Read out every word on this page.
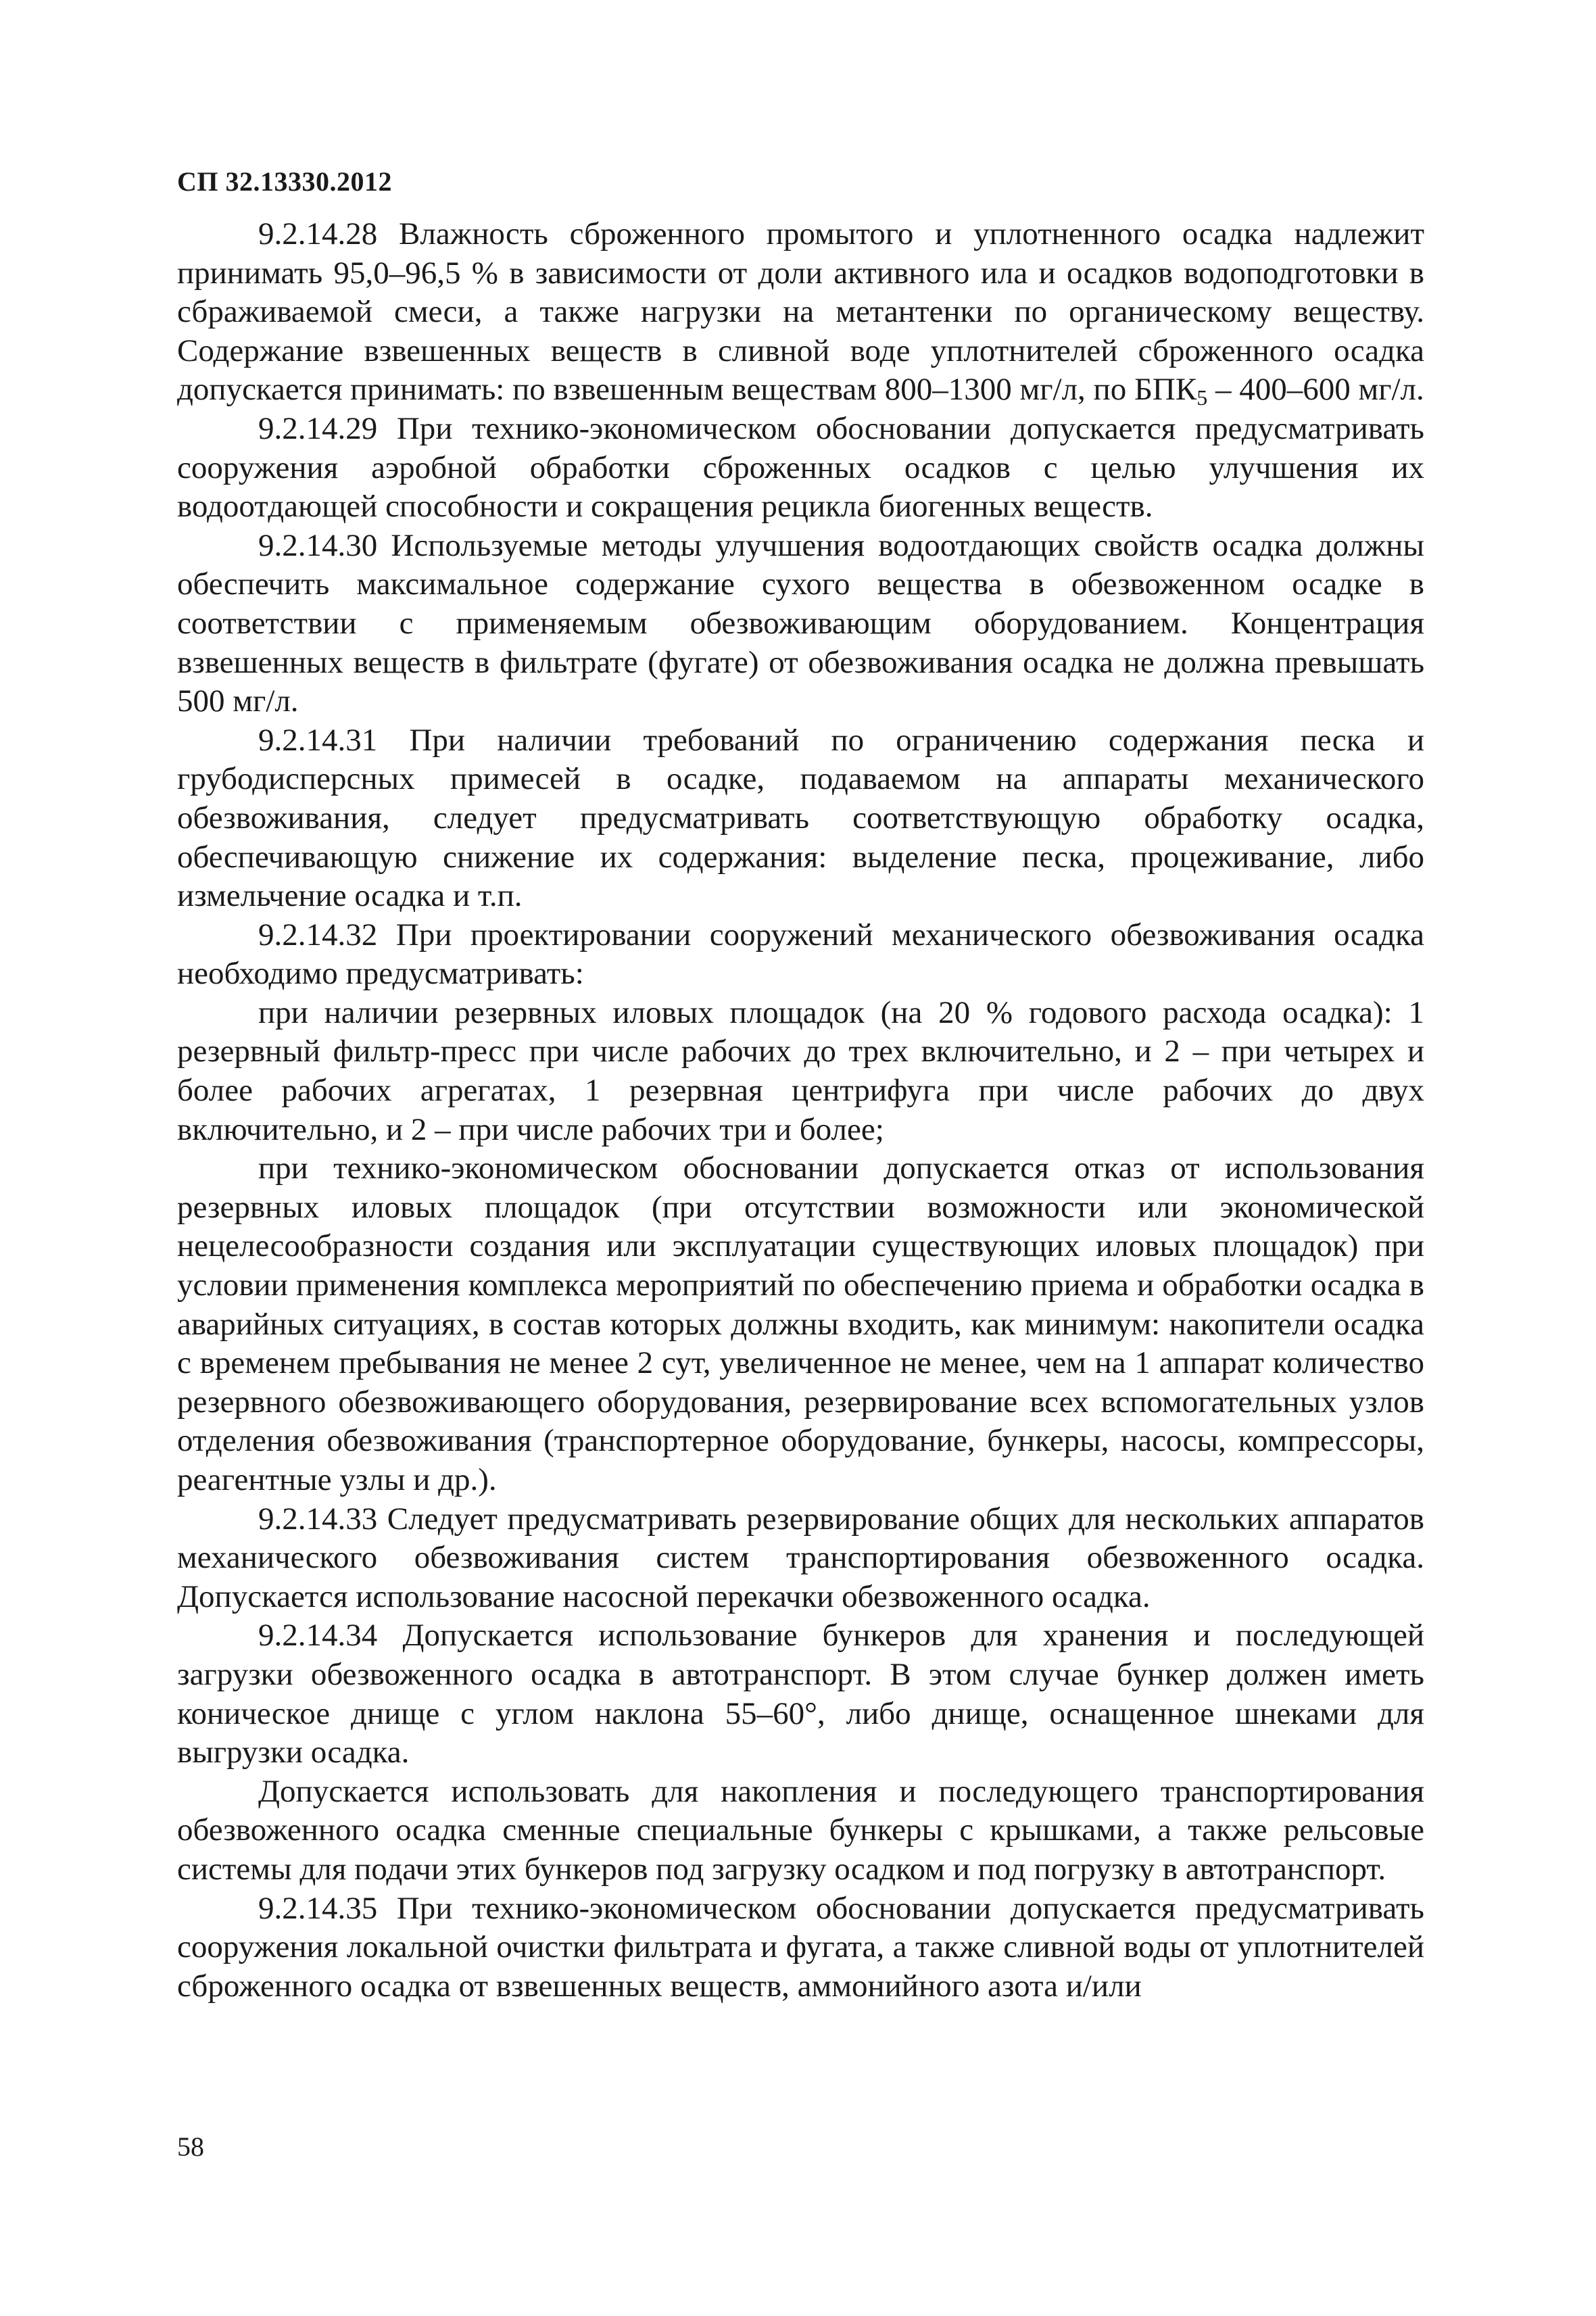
СП 32.13330.2012

9.2.14.28 Влажность сброженного промытого и уплотненного осадка надлежит принимать 95,0–96,5 % в зависимости от доли активного ила и осадков водоподготовки в сбраживаемой смеси, а также нагрузки на метантенки по органическому веществу. Содержание взвешенных веществ в сливной воде уплотнителей сброженного осадка допускается принимать: по взвешенным веществам 800–1300 мг/л, по $БПК_5 - 400-600$ мг/л.

9.2.14.29 При технико-экономическом обосновании допускается предусматривать сооружения аэробной обработки сброженных осадков с целью улучшения их водоотдающей способности и сокращения рецикла биогенных веществ.

9.2.14.30 Используемые методы улучшения водоотдающих свойств осадка должны обеспечить максимальное содержание сухого вещества в обезвоженном осадке в соответствии с применяемым обезвоживающим оборудованием. Концентрация взвешенных веществ в фильтрате (фугате) от обезвоживания осадка не должна превышать 500 мг/л.

9.2.14.31 При наличии требований по ограничению содержания песка и грубодисперсных примесей в осадке, подаваемом на аппараты механического обезвоживания, следует предусматривать соответствующую обработку осадка, обеспечивающую снижение их содержания: выделение песка, процеживание, либо измельчение осадка и т.п.

9.2.14.32 При проектировании сооружений механического обезвоживания осадка необходимо предусматривать:

при наличии резервных иловых площадок (на 20 % годового расхода осадка): 1 резервный фильтр-пресс при числе рабочих до трех включительно, и 2 – при четырех и более рабочих агрегатах, 1 резервная центрифуга при числе рабочих до двух включительно, и 2 – при числе рабочих три и более;

при технико-экономическом обосновании допускается отказ от использования резервных иловых площадок (при отсутствии возможности или экономической нецелесообразности создания или эксплуатации существующих иловых площадок) при условии применения комплекса мероприятий по обеспечению приема и обработки осадка в аварийных ситуациях, в состав которых должны входить, как минимум: накопители осадка с временем пребывания не менее 2 сут, увеличенное не менее, чем на 1 аппарат количество резервного обезвоживающего оборудования, резервирование всех вспомогательных узлов отделения обезвоживания (транспортерное оборудование, бункеры, насосы, компрессоры, реагентные узлы и др.).

9.2.14.33 Следует предусматривать резервирование общих для нескольких аппаратов механического обезвоживания систем транспортирования обезвоженного осадка. Допускается использование насосной перекачки обезвоженного осадка.

9.2.14.34 Допускается использование бункеров для хранения и последующей загрузки обезвоженного осадка в автотранспорт. В этом случае бункер должен иметь коническое днище с углом наклона 55–60°, либо днище, оснащенное шнеками для выгрузки осадка.

Допускается использовать для накопления и последующего транспортирования обезвоженного осадка сменные специальные бункеры с крышками, а также рельсовые системы для подачи этих бункеров под загрузку осадком и под погрузку в автотранспорт.

9.2.14.35 При технико-экономическом обосновании допускается предусматривать сооружения локальной очистки фильтрата и фугата, а также сливной воды от уплотнителей сброженного осадка от взвешенных веществ, аммонийного азота и/или

58
